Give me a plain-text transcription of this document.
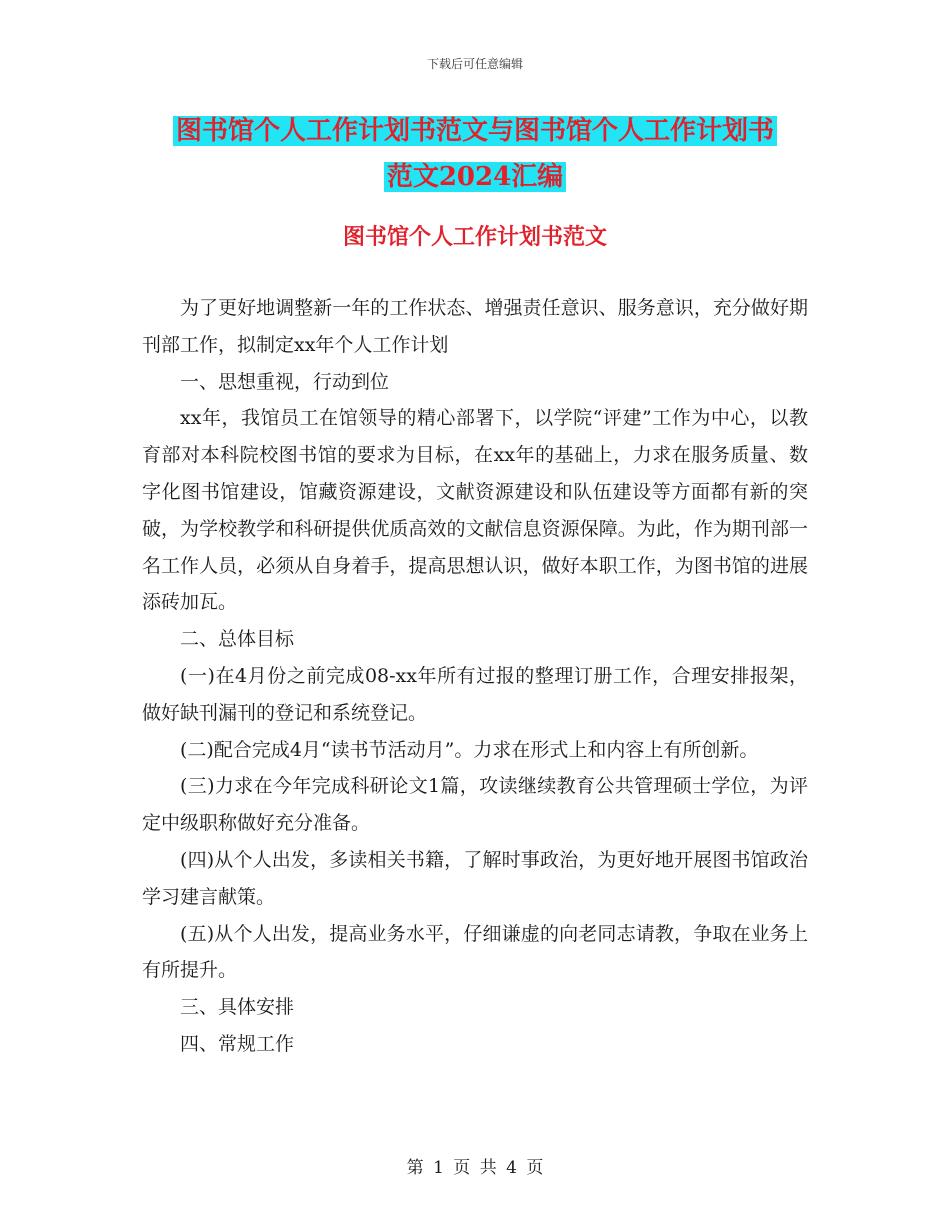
下载后可任意编辑
图书馆个人工作计划书范文与图书馆个人工作计划书
范文2024汇编
图书馆个人工作计划书范文

为了更好地调整新一年的工作状态、增强责任意识、服务意识，充分做好期刊部工作，拟制定xx年个人工作计划

一、思想重视，行动到位

xx年，我馆员工在馆领导的精心部署下，以学院“评建”工作为中心，以教育部对本科院校图书馆的要求为目标，在xx年的基础上，力求在服务质量、数字化图书馆建设，馆藏资源建设，文献资源建设和队伍建设等方面都有新的突破，为学校教学和科研提供优质高效的文献信息资源保障。为此，作为期刊部一名工作人员，必须从自身着手，提高思想认识，做好本职工作，为图书馆的进展添砖加瓦。

二、总体目标

(一)在4月份之前完成08-xx年所有过报的整理订册工作，合理安排报架，做好缺刊漏刊的登记和系统登记。

(二)配合完成4月“读书节活动月”。力求在形式上和内容上有所创新。

(三)力求在今年完成科研论文1篇，攻读继续教育公共管理硕士学位，为评定中级职称做好充分准备。

(四)从个人出发，多读相关书籍，了解时事政治，为更好地开展图书馆政治学习建言献策。

(五)从个人出发，提高业务水平，仔细谦虚的向老同志请教，争取在业务上有所提升。

三、具体安排

四、常规工作

第 1 页 共 4 页
